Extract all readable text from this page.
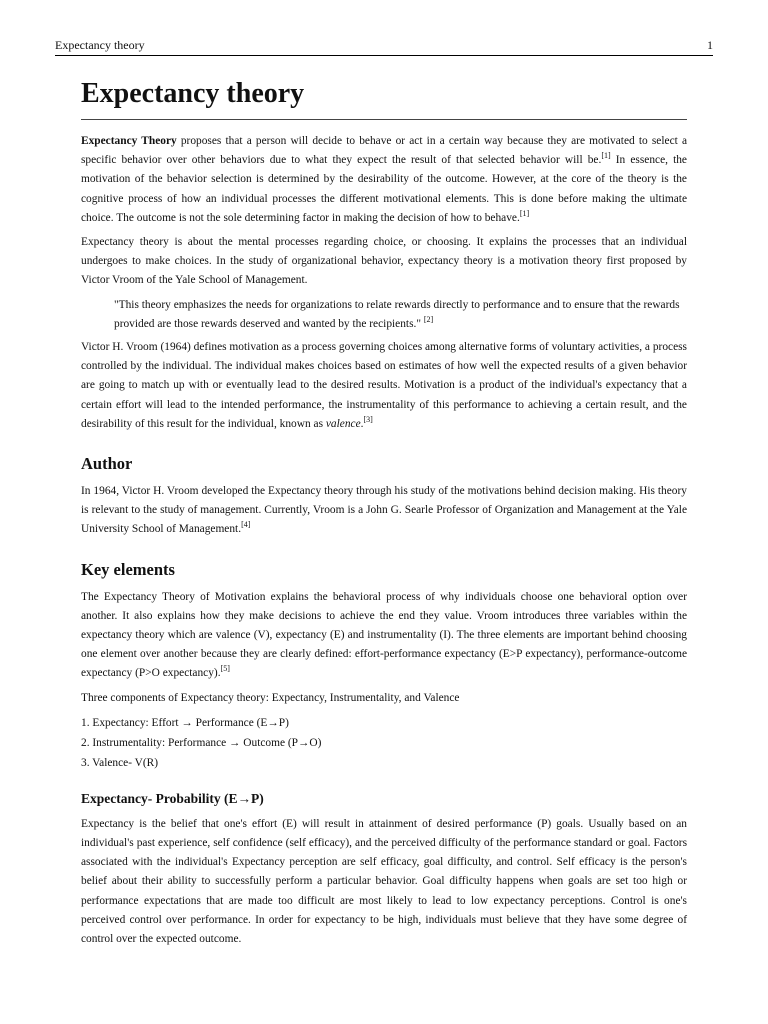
Expectancy theory	1
Expectancy theory

Expectancy Theory proposes that a person will decide to behave or act in a certain way because they are motivated to select a specific behavior over other behaviors due to what they expect the result of that selected behavior will be.[1] In essence, the motivation of the behavior selection is determined by the desirability of the outcome. However, at the core of the theory is the cognitive process of how an individual processes the different motivational elements. This is done before making the ultimate choice. The outcome is not the sole determining factor in making the decision of how to behave.[1]

Expectancy theory is about the mental processes regarding choice, or choosing. It explains the processes that an individual undergoes to make choices. In the study of organizational behavior, expectancy theory is a motivation theory first proposed by Victor Vroom of the Yale School of Management.

"This theory emphasizes the needs for organizations to relate rewards directly to performance and to ensure that the rewards provided are those rewards deserved and wanted by the recipients." [2]

Victor H. Vroom (1964) defines motivation as a process governing choices among alternative forms of voluntary activities, a process controlled by the individual. The individual makes choices based on estimates of how well the expected results of a given behavior are going to match up with or eventually lead to the desired results. Motivation is a product of the individual's expectancy that a certain effort will lead to the intended performance, the instrumentality of this performance to achieving a certain result, and the desirability of this result for the individual, known as valence.[3]

Author

In 1964, Victor H. Vroom developed the Expectancy theory through his study of the motivations behind decision making. His theory is relevant to the study of management. Currently, Vroom is a John G. Searle Professor of Organization and Management at the Yale University School of Management.[4]

Key elements

The Expectancy Theory of Motivation explains the behavioral process of why individuals choose one behavioral option over another. It also explains how they make decisions to achieve the end they value. Vroom introduces three variables within the expectancy theory which are valence (V), expectancy (E) and instrumentality (I). The three elements are important behind choosing one element over another because they are clearly defined: effort-performance expectancy (E>P expectancy), performance-outcome expectancy (P>O expectancy).[5]

Three components of Expectancy theory: Expectancy, Instrumentality, and Valence

1. Expectancy: Effort → Performance (E→P)
2. Instrumentality: Performance → Outcome (P→O)
3. Valence- V(R)
Expectancy- Probability (E→P)

Expectancy is the belief that one's effort (E) will result in attainment of desired performance (P) goals. Usually based on an individual's past experience, self confidence (self efficacy), and the perceived difficulty of the performance standard or goal. Factors associated with the individual's Expectancy perception are self efficacy, goal difficulty, and control. Self efficacy is the person's belief about their ability to successfully perform a particular behavior. Goal difficulty happens when goals are set too high or performance expectations that are made too difficult are most likely to lead to low expectancy perceptions. Control is one's perceived control over performance. In order for expectancy to be high, individuals must believe that they have some degree of control over the expected outcome.
